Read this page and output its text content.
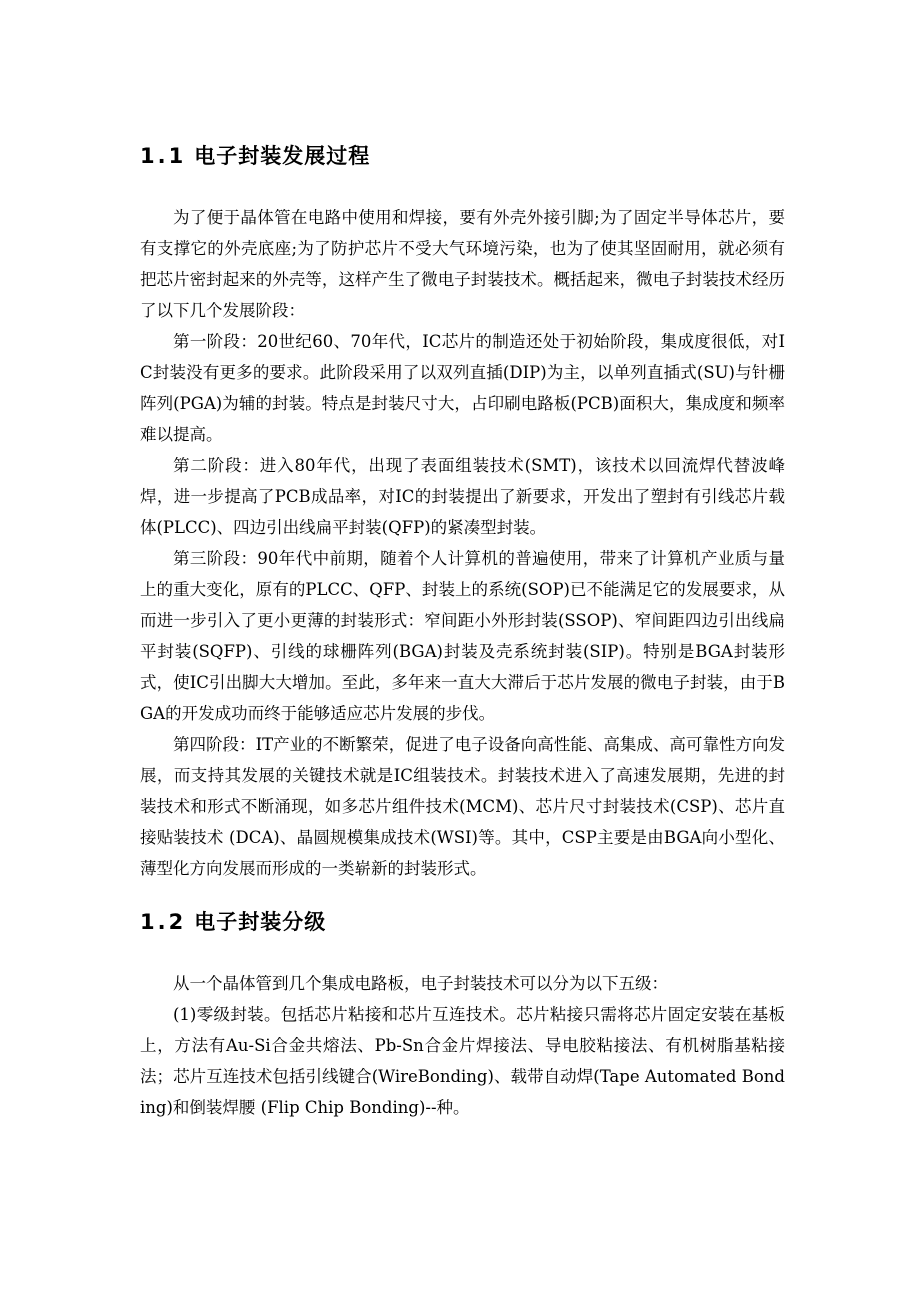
1.1 电子封装发展过程

为了便于晶体管在电路中使用和焊接，要有外壳外接引脚;为了固定半导体芯片，要有支撑它的外壳底座;为了防护芯片不受大气环境污染，也为了使其坚固耐用，就必须有把芯片密封起来的外壳等，这样产生了微电子封装技术。概括起来，微电子封装技术经历了以下几个发展阶段：

第一阶段：20世纪60、70年代，IC芯片的制造还处于初始阶段，集成度很低，对IC封装没有更多的要求。此阶段采用了以双列直插(DIP)为主，以单列直插式(SU)与针栅阵列(PGA)为辅的封装。特点是封装尺寸大，占印刷电路板(PCB)面积大，集成度和频率难以提高。

第二阶段：进入80年代，出现了表面组装技术(SMT)，该技术以回流焊代替波峰焊，进一步提高了PCB成品率，对IC的封装提出了新要求，开发出了塑封有引线芯片载体(PLCC)、四边引出线扁平封装(QFP)的紧凑型封装。

第三阶段：90年代中前期，随着个人计算机的普遍使用，带来了计算机产业质与量上的重大变化，原有的PLCC、QFP、封装上的系统(SOP)已不能满足它的发展要求，从而进一步引入了更小更薄的封装形式：窄间距小外形封装(SSOP)、窄间距四边引出线扁平封装(SQFP)、引线的球栅阵列(BGA)封装及壳系统封装(SIP)。特别是BGA封装形式，使IC引出脚大大增加。至此，多年来一直大大滞后于芯片发展的微电子封装，由于BGA的开发成功而终于能够适应芯片发展的步伐。

第四阶段：IT产业的不断繁荣，促进了电子设备向高性能、高集成、高可靠性方向发展，而支持其发展的关键技术就是IC组装技术。封装技术进入了高速发展期，先进的封装技术和形式不断涌现，如多芯片组件技术(MCM)、芯片尺寸封装技术(CSP)、芯片直接贴装技术 (DCA)、晶圆规模集成技术(WSI)等。其中，CSP主要是由BGA向小型化、薄型化方向发展而形成的一类崭新的封装形式。

1.2 电子封装分级

从一个晶体管到几个集成电路板，电子封装技术可以分为以下五级：

(1)零级封装。包括芯片粘接和芯片互连技术。芯片粘接只需将芯片固定安装在基板上，方法有Au-Si合金共熔法、Pb-Sn合金片焊接法、导电胶粘接法、有机树脂基粘接法；芯片互连技术包括引线键合(WireBonding)、载带自动焊(Tape Automated Bonding)和倒装焊腰 (Flip Chip Bonding)--种。
